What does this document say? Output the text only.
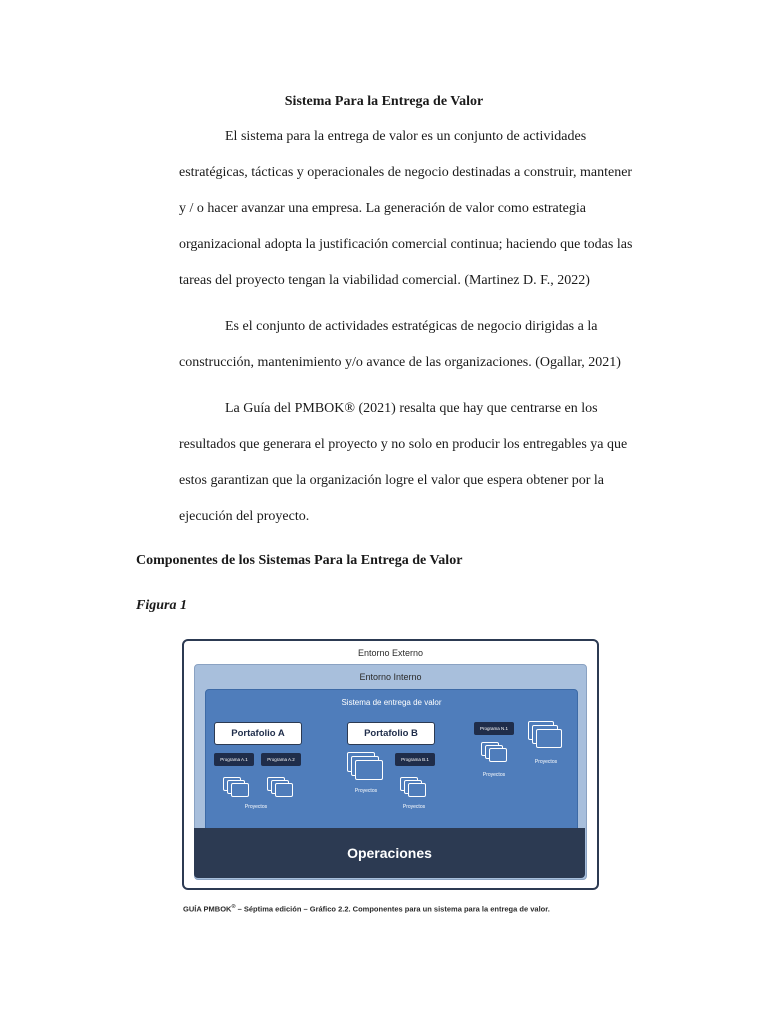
Sistema Para la Entrega de Valor
El sistema para la entrega de valor es un conjunto de actividades
estratégicas, tácticas y operacionales de negocio destinadas a construir, mantener
y / o hacer avanzar una empresa. La generación de valor como estrategia
organizacional adopta la justificación comercial continua; haciendo que todas las
tareas del proyecto tengan la viabilidad comercial. (Martinez D. F., 2022)
Es el conjunto de actividades estratégicas de negocio dirigidas a la
construcción, mantenimiento y/o avance de las organizaciones. (Ogallar, 2021)
La Guía del PMBOK® (2021) resalta que hay que centrarse en los
resultados que generara el proyecto y no solo en producir los entregables ya que
estos garantizan que la organización logre el valor que espera obtener por la
ejecución del proyecto.
Componentes de los Sistemas Para la Entrega de Valor
Figura 1
Entorno Externo
Entorno Interno
Sistema de entrega de valor
Portafolio A	Portafolio B
Programa A.1	Programa A.2	Programa B.1
Programa N.1
Proyectos
Proyectos
Proyectos
Proyectos
Proyectos
Operaciones
GUÍA PMBOK® – Séptima edición – Gráfico 2.2. Componentes para un sistema para la entrega de valor.
